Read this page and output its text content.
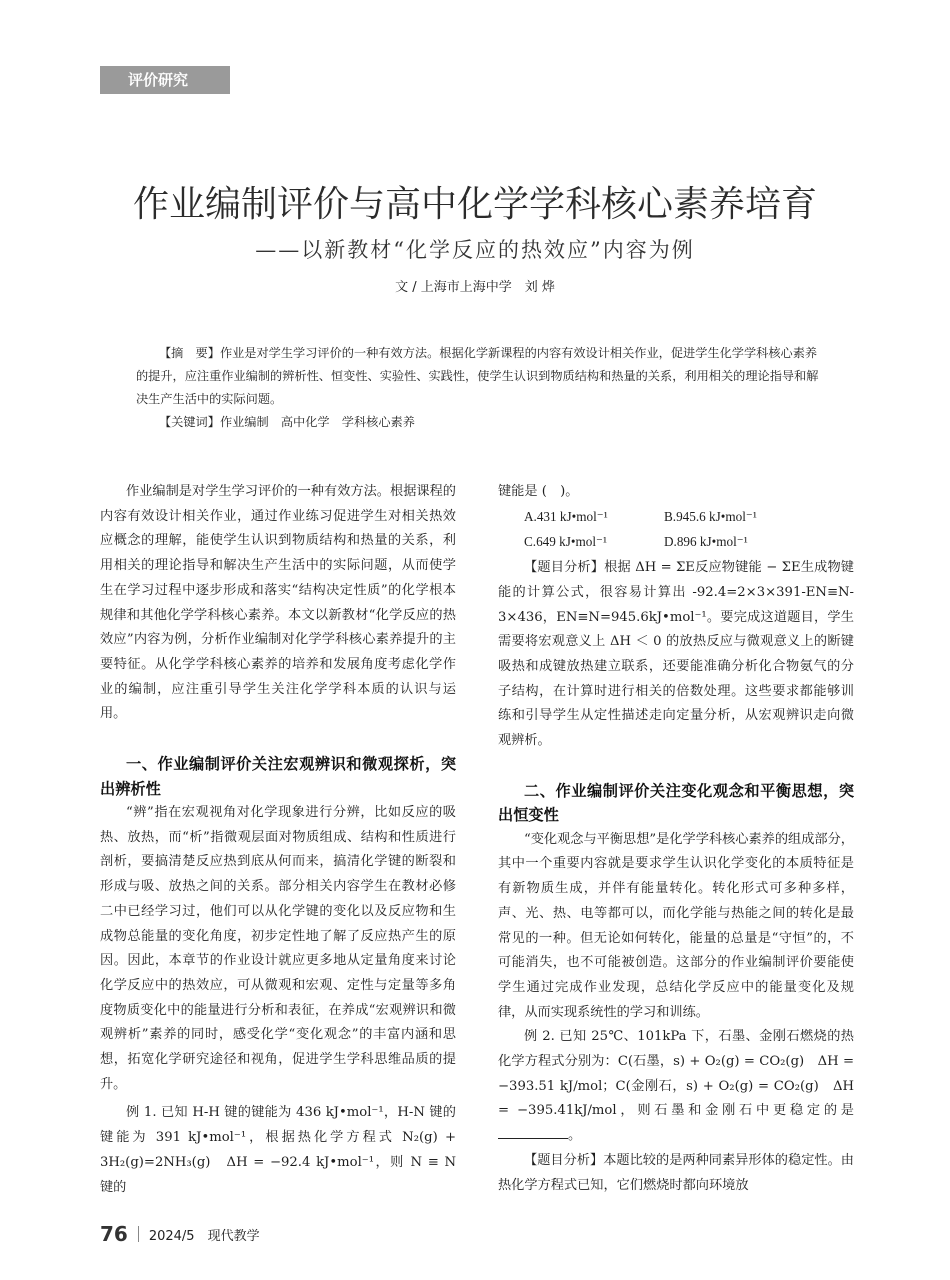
评价研究
作业编制评价与高中化学学科核心素养培育
——以新教材“化学反应的热效应”内容为例
文 / 上海市上海中学　刘 烨

【摘　要】作业是对学生学习评价的一种有效方法。根据化学新课程的内容有效设计相关作业，促进学生化学学科核心素养的提升，应注重作业编制的辨析性、恒变性、实验性、实践性，使学生认识到物质结构和热量的关系，利用相关的理论指导和解决生产生活中的实际问题。

【关键词】作业编制　高中化学　学科核心素养

作业编制是对学生学习评价的一种有效方法。根据课程的内容有效设计相关作业，通过作业练习促进学生对相关热效应概念的理解，能使学生认识到物质结构和热量的关系，利用相关的理论指导和解决生产生活中的实际问题，从而使学生在学习过程中逐步形成和落实“结构决定性质”的化学根本规律和其他化学学科核心素养。本文以新教材“化学反应的热效应”内容为例，分析作业编制对化学学科核心素养提升的主要特征。从化学学科核心素养的培养和发展角度考虑化学作业的编制，应注重引导学生关注化学学科本质的认识与运用。

一、作业编制评价关注宏观辨识和微观探析，突出辨析性

“辨”指在宏观视角对化学现象进行分辨，比如反应的吸热、放热，而“析”指微观层面对物质组成、结构和性质进行剖析，要搞清楚反应热到底从何而来，搞清化学键的断裂和形成与吸、放热之间的关系。部分相关内容学生在教材必修二中已经学习过，他们可以从化学键的变化以及反应物和生成物总能量的变化角度，初步定性地了解了反应热产生的原因。因此，本章节的作业设计就应更多地从定量角度来讨论化学反应中的热效应，可从微观和宏观、定性与定量等多角度物质变化中的能量进行分析和表征，在养成“宏观辨识和微观辨析”素养的同时，感受化学“变化观念”的丰富内涵和思想，拓宽化学研究途径和视角，促进学生学科思维品质的提升。

例 1. 已知 H-H 键的键能为 436 kJ•mol⁻¹，H-N 键的键能为 391 kJ•mol⁻¹，根据热化学方程式 N₂(g) + 3H₂(g)=2NH₃(g)　ΔH = −92.4 kJ•mol⁻¹，则 N ≡ N 键的

键能是 (　)。

A.431 kJ•mol⁻¹	B.945.6 kJ•mol⁻¹
C.649 kJ•mol⁻¹	D.896 kJ•mol⁻¹

【题目分析】根据 ΔH = ΣE反应物键能 − ΣE生成物键能的计算公式，很容易计算出 -92.4=2×3×391-EN≡N-3×436，EN≡N=945.6kJ•mol⁻¹。要完成这道题目，学生需要将宏观意义上 ΔH ＜ 0 的放热反应与微观意义上的断键吸热和成键放热建立联系，还要能准确分析化合物氨气的分子结构，在计算时进行相关的倍数处理。这些要求都能够训练和引导学生从定性描述走向定量分析，从宏观辨识走向微观辨析。

二、作业编制评价关注变化观念和平衡思想，突出恒变性

“变化观念与平衡思想”是化学学科核心素养的组成部分，其中一个重要内容就是要求学生认识化学变化的本质特征是有新物质生成，并伴有能量转化。转化形式可多种多样，声、光、热、电等都可以，而化学能与热能之间的转化是最常见的一种。但无论如何转化，能量的总量是“守恒”的，不可能消失，也不可能被创造。这部分的作业编制评价要能使学生通过完成作业发现，总结化学反应中的能量变化及规律，从而实现系统性的学习和训练。

例 2. 已知 25℃、101kPa 下，石墨、金刚石燃烧的热化学方程式分别为：C(石墨，s) + O₂(g) = CO₂(g)　ΔH = −393.51 kJ/mol；C(金刚石，s) + O₂(g) = CO₂(g)　ΔH = −395.41kJ/mol，则石墨和金刚石中更稳定的是。

【题目分析】本题比较的是两种同素异形体的稳定性。由热化学方程式已知，它们燃烧时都向环境放

76 2024/5　现代教学
